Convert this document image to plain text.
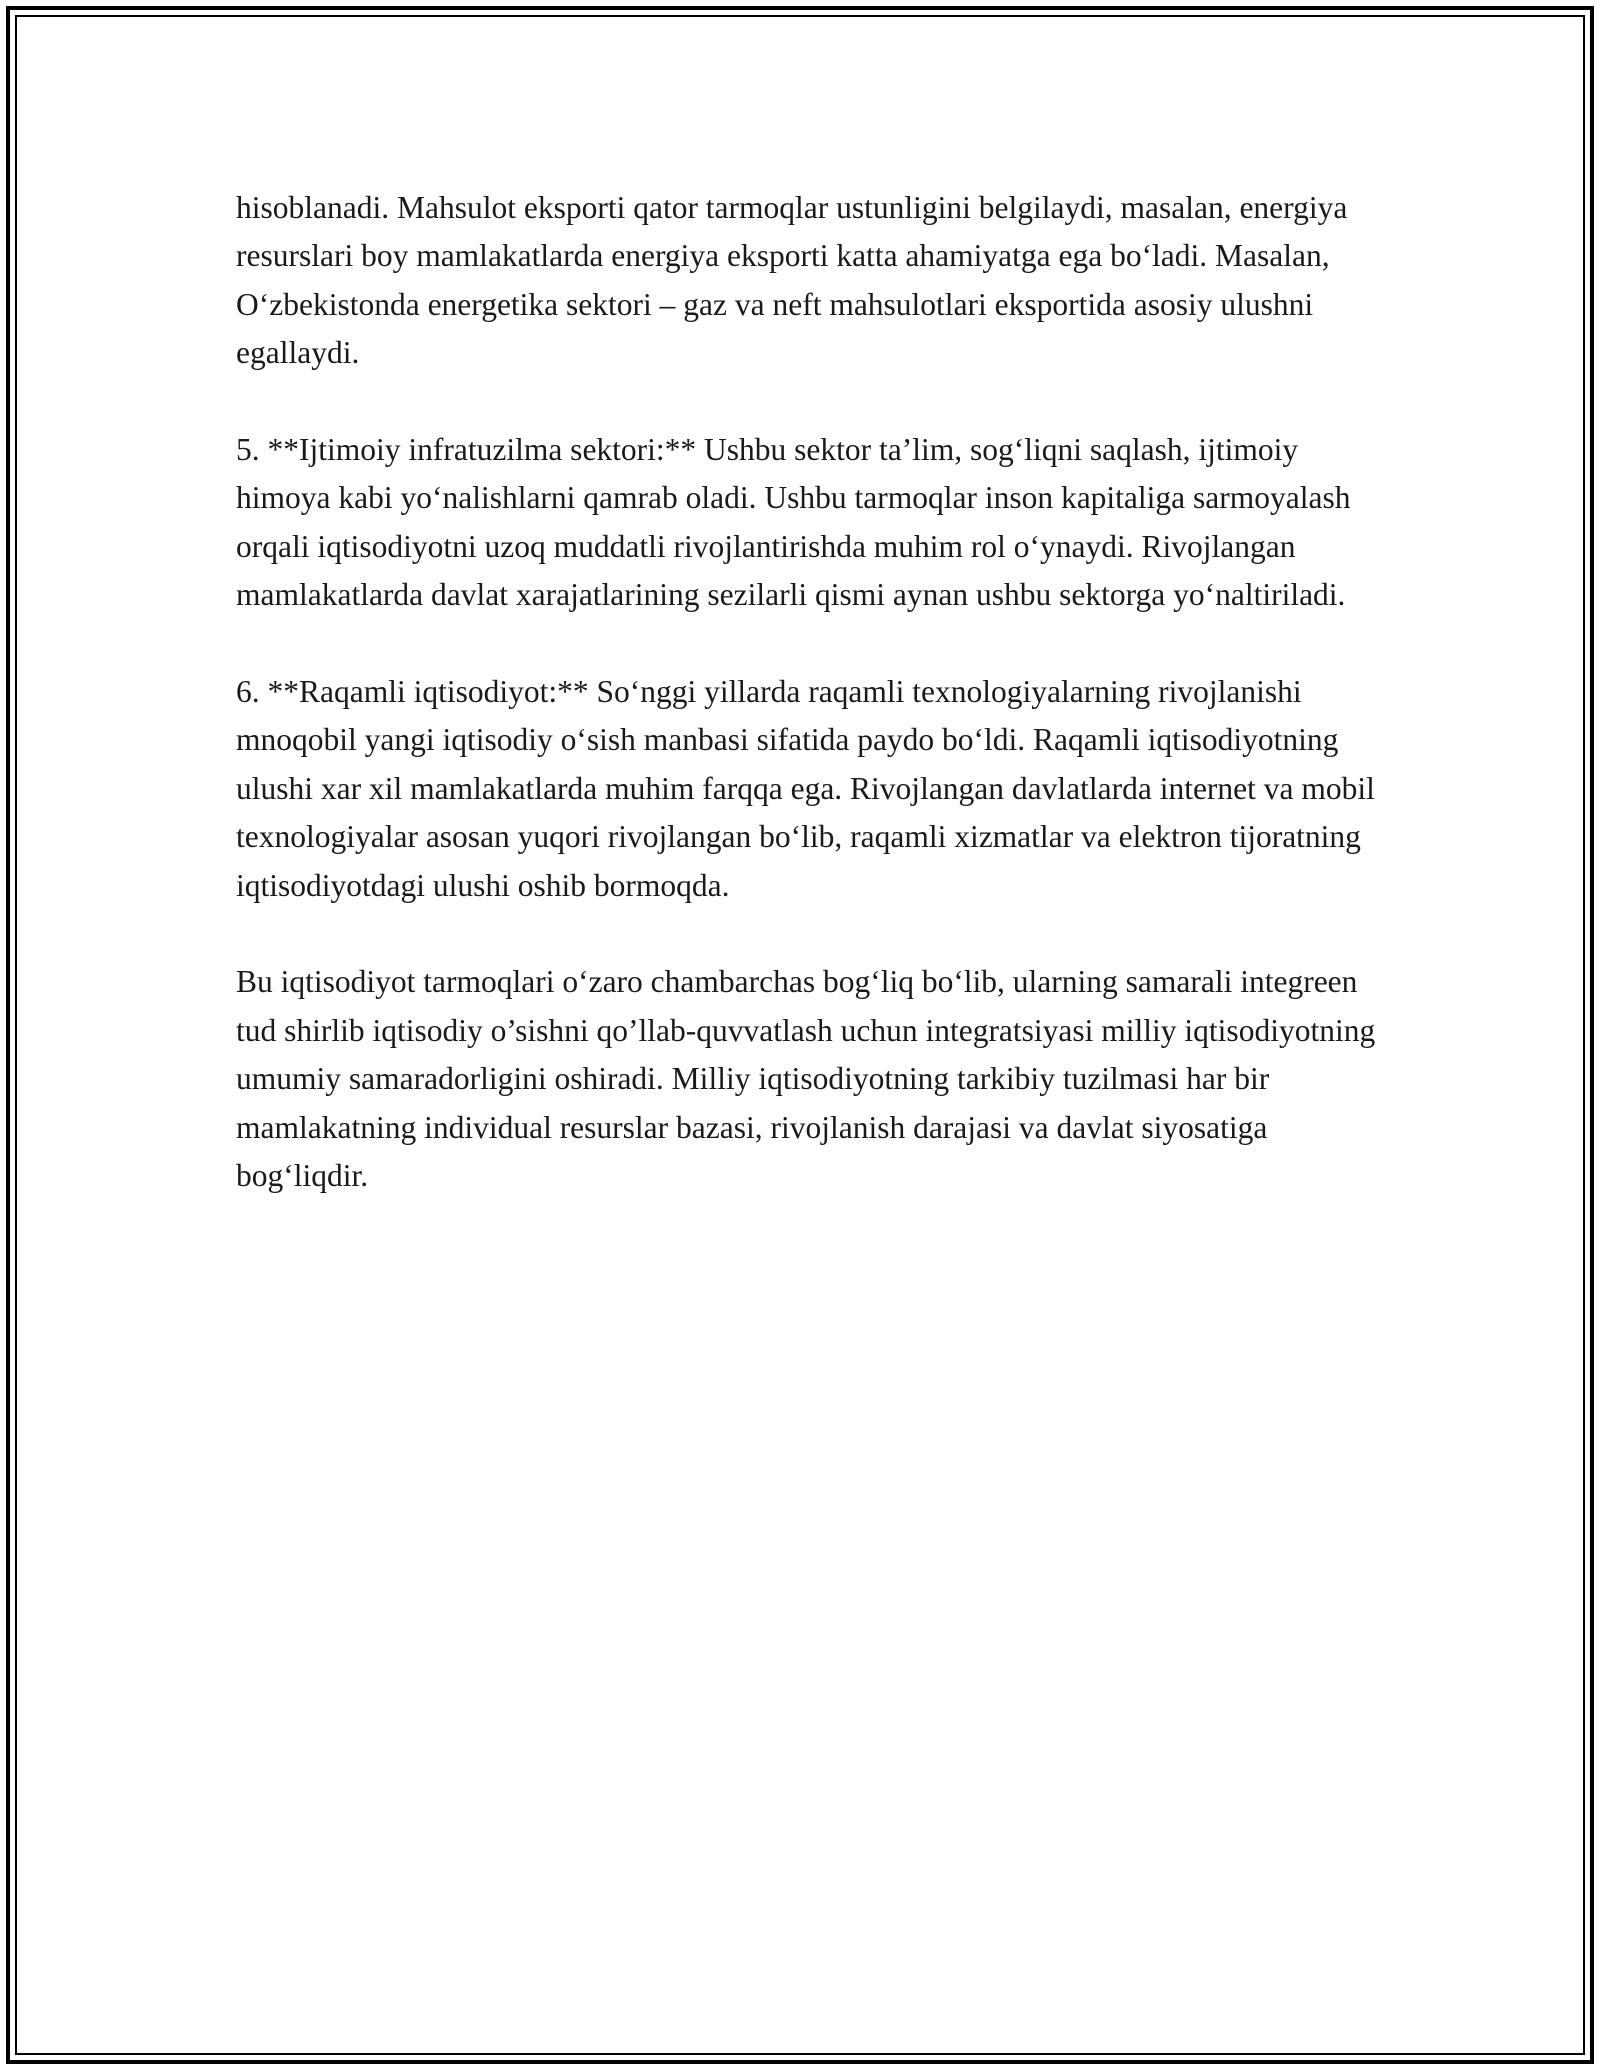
hisoblanadi. Mahsulot eksporti qator tarmoqlar ustunligini belgilaydi, masalan, energiya resurslari boy mamlakatlarda energiya eksporti katta ahamiyatga ega bo‘ladi. Masalan, O‘zbekistonda energetika sektori – gaz va neft mahsulotlari eksportida asosiy ulushni egallaydi.

5. **Ijtimoiy infratuzilma sektori:** Ushbu sektor ta’lim, sog‘liqni saqlash, ijtimoiy himoya kabi yo‘nalishlarni qamrab oladi. Ushbu tarmoqlar inson kapitaliga sarmoyalash orqali iqtisodiyotni uzoq muddatli rivojlantirishda muhim rol o‘ynaydi. Rivojlangan mamlakatlarda davlat xarajatlarining sezilarli qismi aynan ushbu sektorga yo‘naltiriladi.

6. **Raqamli iqtisodiyot:** So‘nggi yillarda raqamli texnologiyalarning rivojlanishi mnoqobil yangi iqtisodiy o‘sish manbasi sifatida paydo bo‘ldi. Raqamli iqtisodiyotning ulushi xar xil mamlakatlarda muhim farqqa ega. Rivojlangan davlatlarda internet va mobil texnologiyalar asosan yuqori rivojlangan bo‘lib, raqamli xizmatlar va elektron tijoratning iqtisodiyotdagi ulushi oshib bormoqda.

Bu iqtisodiyot tarmoqlari o‘zaro chambarchas bog‘liq bo‘lib, ularning samarali integreen tud shirlib iqtisodiy o’sishni qo’llab-quvvatlash uchun integratsiyasi milliy iqtisodiyotning umumiy samaradorligini oshiradi. Milliy iqtisodiyotning tarkibiy tuzilmasi har bir mamlakatning individual resurslar bazasi, rivojlanish darajasi va davlat siyosatiga bog‘liqdir.
